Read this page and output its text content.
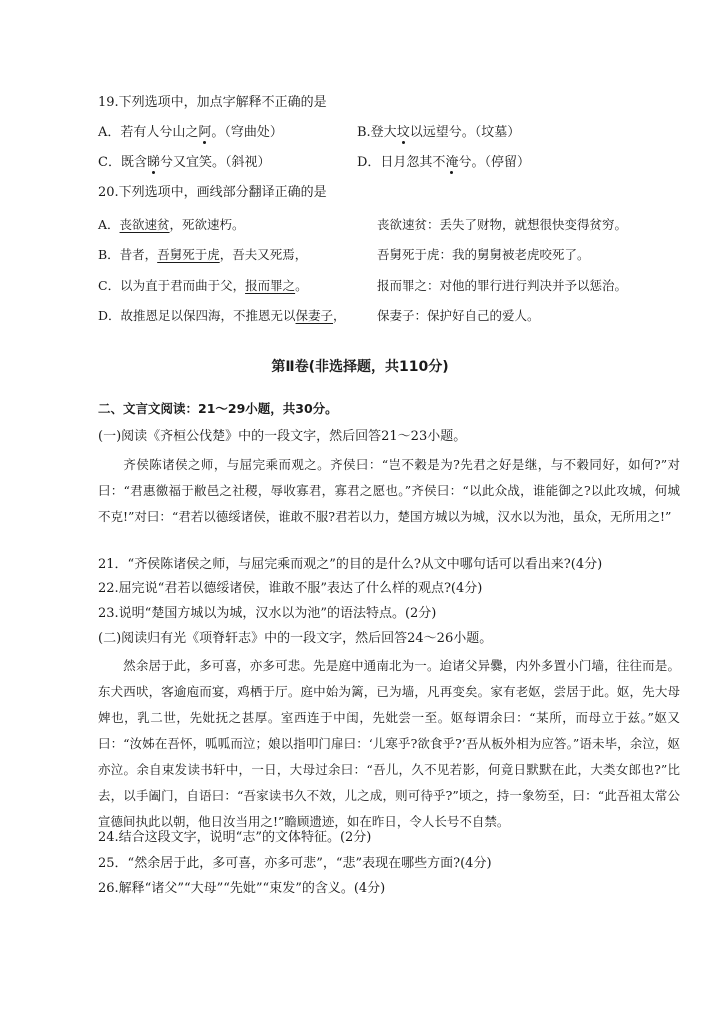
19.下列选项中，加点字解释不正确的是
A．若有人兮山之阿。（穹曲处）	B.登大坟以远望兮。（坟墓）
C．既含睇兮又宜笑。（斜视）	D．日月忽其不淹兮。（停留）
20.下列选项中，画线部分翻译正确的是
A．丧欲速贫，死欲速朽。	丧欲速贫：丢失了财物，就想很快变得贫穷。
B．昔者，吾舅死于虎，吾夫又死焉，	吾舅死于虎：我的舅舅被老虎咬死了。
C．以为直于君而曲于父，报而罪之。	报而罪之：对他的罪行进行判决并予以惩治。
D．故推恩足以保四海，不推恩无以保妻子，	保妻子：保护好自己的爱人。
第Ⅱ卷(非选择题，共110分)
二、文言文阅读：21～29小题，共30分。
(一)阅读《齐桓公伐楚》中的一段文字，然后回答21～23小题。
齐侯陈诸侯之师，与屈完乘而观之。齐侯曰：“岂不穀是为?先君之好是继，与不穀同好，如何?”对曰：“君惠徼福于敝邑之社稷，辱收寡君，寡君之愿也。”齐侯曰：“以此众战，谁能御之?以此攻城，何城不克!”对曰：“君若以德绥诸侯，谁敢不服?君若以力，楚国方城以为城，汉水以为池，虽众，无所用之!”
21．“齐侯陈诸侯之师，与屈完乘而观之”的目的是什么?从文中哪句话可以看出来?(4分)
22.屈完说“君若以德绥诸侯，谁敢不服”表达了什么样的观点?(4分)
23.说明“楚国方城以为城，汉水以为池”的语法特点。(2分)
(二)阅读归有光《项脊轩志》中的一段文字，然后回答24～26小题。
然余居于此，多可喜，亦多可悲。先是庭中通南北为一。迨诸父异爨，内外多置小门墙，往往而是。东犬西吠，客逾庖而宴，鸡栖于厅。庭中始为篱，已为墙，凡再变矣。家有老妪，尝居于此。妪，先大母婢也，乳二世，先妣抚之甚厚。室西连于中闺，先妣尝一至。妪每谓余曰：“某所，而母立于兹。”妪又曰：“汝姊在吾怀，呱呱而泣；娘以指叩门扉曰：‘儿寒乎?欲食乎?’吾从板外相为应答。”语未毕，余泣，妪亦泣。余自束发读书轩中，一日，大母过余曰：“吾儿，久不见若影，何竟日默默在此，大类女郎也?”比去，以手阖门，自语曰：“吾家读书久不效，儿之成，则可待乎?”顷之，持一象笏至，曰：“此吾祖太常公宣德间执此以朝，他日汝当用之!”瞻顾遗迹，如在昨日，令人长号不自禁。
24.结合这段文字，说明“志”的文体特征。(2分)
25．“然余居于此，多可喜，亦多可悲”，“悲”表现在哪些方面?(4分)
26.解释“诸父”“大母”“先妣”“束发”的含义。(4分)
